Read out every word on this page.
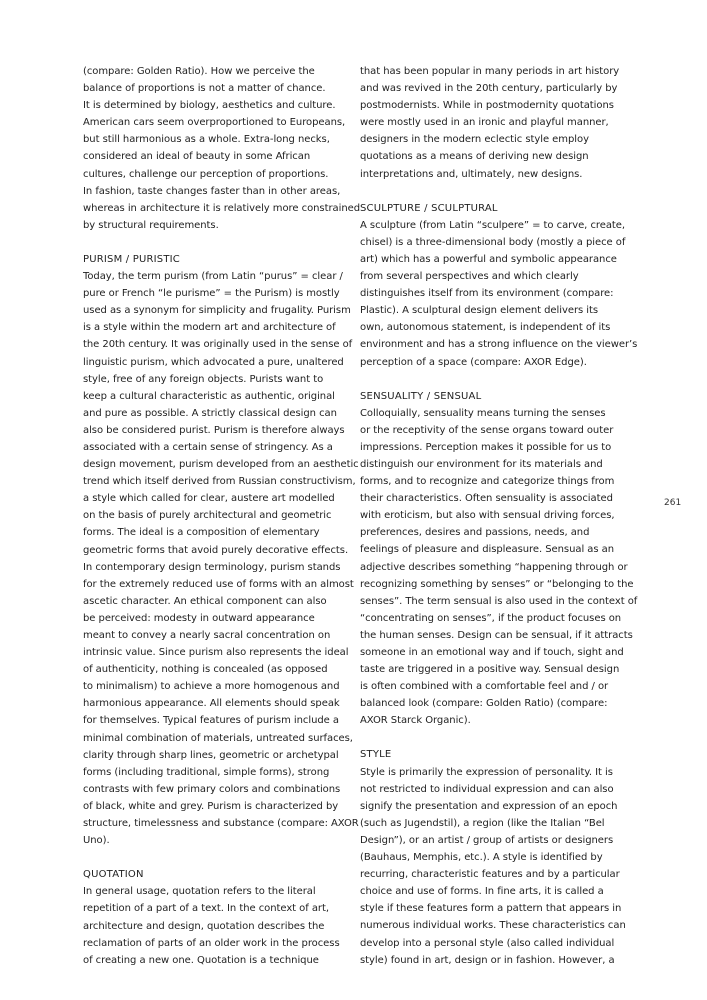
(compare: Golden Ratio). How we perceive the

balance of proportions is not a matter of chance.

It is determined by biology, aesthetics and culture.

American cars seem overproportioned to Europeans,

but still harmonious as a whole. Extra-long necks,

considered an ideal of beauty in some African

cultures, challenge our perception of proportions.

In fashion, taste changes faster than in other areas,

whereas in architecture it is relatively more constrained

by structural requirements.

PURISM / PURISTIC

Today, the term purism (from Latin “purus” = clear /

pure or French “le purisme” = the Purism) is mostly

used as a synonym for simplicity and frugality. Purism

is a style within the modern art and architecture of

the 20th century. It was originally used in the sense of

linguistic purism, which advocated a pure, unaltered

style, free of any foreign objects. Purists want to

keep a cultural characteristic as authentic, original

and pure as possible. A strictly classical design can

also be considered purist. Purism is therefore always

associated with a certain sense of stringency. As a

design movement, purism developed from an aesthetic

trend which itself derived from Russian constructivism,

a style which called for clear, austere art modelled

on the basis of purely architectural and geometric

forms. The ideal is a composition of elementary

geometric forms that avoid purely decorative effects.

In contemporary design terminology, purism stands

for the extremely reduced use of forms with an almost

ascetic character. An ethical component can also

be perceived: modesty in outward appearance

meant to convey a nearly sacral concentration on

intrinsic value. Since purism also represents the ideal

of authenticity, nothing is concealed (as opposed

to minimalism) to achieve a more homogenous and

harmonious appearance. All elements should speak

for themselves. Typical features of purism include a

minimal combination of materials, untreated surfaces,

clarity through sharp lines, geometric or archetypal

forms (including traditional, simple forms), strong

contrasts with few primary colors and combinations

of black, white and grey. Purism is characterized by

structure, timelessness and substance (compare: AXOR

Uno).

QUOTATION

In general usage, quotation refers to the literal

repetition of a part of a text. In the context of art,

architecture and design, quotation describes the

reclamation of parts of an older work in the process

of creating a new one. Quotation is a technique

that has been popular in many periods in art history

and was revived in the 20th century, particularly by

postmodernists. While in postmodernity quotations

were mostly used in an ironic and playful manner,

designers in the modern eclectic style employ

quotations as a means of deriving new design

interpretations and, ultimately, new designs.

SCULPTURE / SCULPTURAL

A sculpture (from Latin “sculpere” = to carve, create,

chisel) is a three-dimensional body (mostly a piece of

art) which has a powerful and symbolic appearance

from several perspectives and which clearly

distinguishes itself from its environment (compare:

Plastic). A sculptural design element delivers its

own, autonomous statement, is independent of its

environment and has a strong influence on the viewer’s

perception of a space (compare: AXOR Edge).

SENSUALITY / SENSUAL

Colloquially, sensuality means turning the senses

or the receptivity of the sense organs toward outer

impressions. Perception makes it possible for us to

distinguish our environment for its materials and

forms, and to recognize and categorize things from

their characteristics. Often sensuality is associated

with eroticism, but also with sensual driving forces,

preferences, desires and passions, needs, and

feelings of pleasure and displeasure. Sensual as an

adjective describes something “happening through or

recognizing something by senses” or “belonging to the

senses”. The term sensual is also used in the context of

“concentrating on senses”, if the product focuses on

the human senses. Design can be sensual, if it attracts

someone in an emotional way and if touch, sight and

taste are triggered in a positive way. Sensual design

is often combined with a comfortable feel and / or

balanced look (compare: Golden Ratio) (compare:

AXOR Starck Organic).

STYLE

Style is primarily the expression of personality. It is

not restricted to individual expression and can also

signify the presentation and expression of an epoch

(such as Jugendstil), a region (like the Italian “Bel

Design”), or an artist / group of artists or designers

(Bauhaus, Memphis, etc.). A style is identified by

recurring, characteristic features and by a particular

choice and use of forms. In fine arts, it is called a

style if these features form a pattern that appears in

numerous individual works. These characteristics can

develop into a personal style (also called individual

style) found in art, design or in fashion. However, a

261
